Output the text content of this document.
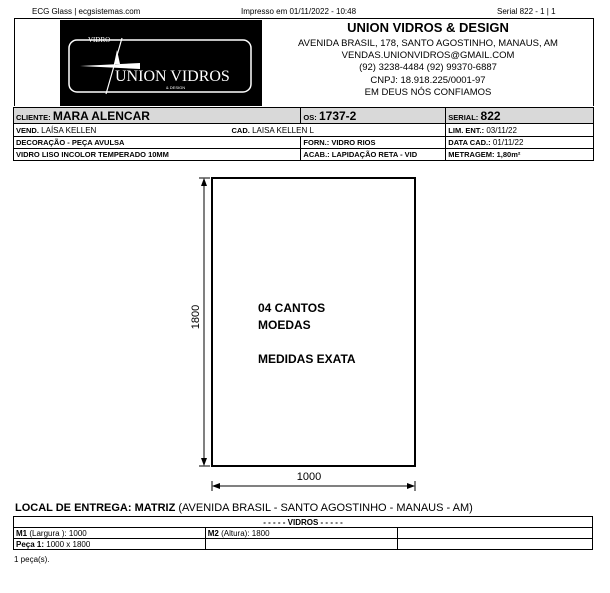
ECG Glass | ecgsistemas.com	Impresso em 01/11/2022 - 10:48	Serial 822 - 1 | 1
VIDRO
UNION VIDROS
& DESIGN
UNION VIDROS & DESIGN
AVENIDA BRASIL, 178, SANTO AGOSTINHO, MANAUS, AM
VENDAS.UNIONVIDROS@GMAIL.COM
(92) 3238-4484 (92) 99370-6887
CNPJ: 18.918.225/0001-97
EM DEUS NÓS CONFIAMOS
CLIENTE: MARA ALENCAR	OS: 1737-2	SERIAL: 822
VEND. LAÍSA KELLEN CAD. LAISA KELLEN L		LIM. ENT.: 03/11/22
DECORAÇÃO - PEÇA AVULSA	FORN.: VIDRO RIOS	DATA CAD.: 01/11/22
VIDRO LISO INCOLOR TEMPERADO 10MM	ACAB.: LAPIDAÇÃO RETA - VID	METRAGEM: 1,80m²
1800
1000
04 CANTOS
MOEDAS
MEDIDAS EXATA
LOCAL DE ENTREGA: MATRIZ (AVENIDA BRASIL - SANTO AGOSTINHO - MANAUS - AM)
- - - - - VIDROS - - - - -		
M1 (Largura ): 1000	M2 (Altura): 1800	
Peça 1: 1000 x 1800		
1 peça(s).
